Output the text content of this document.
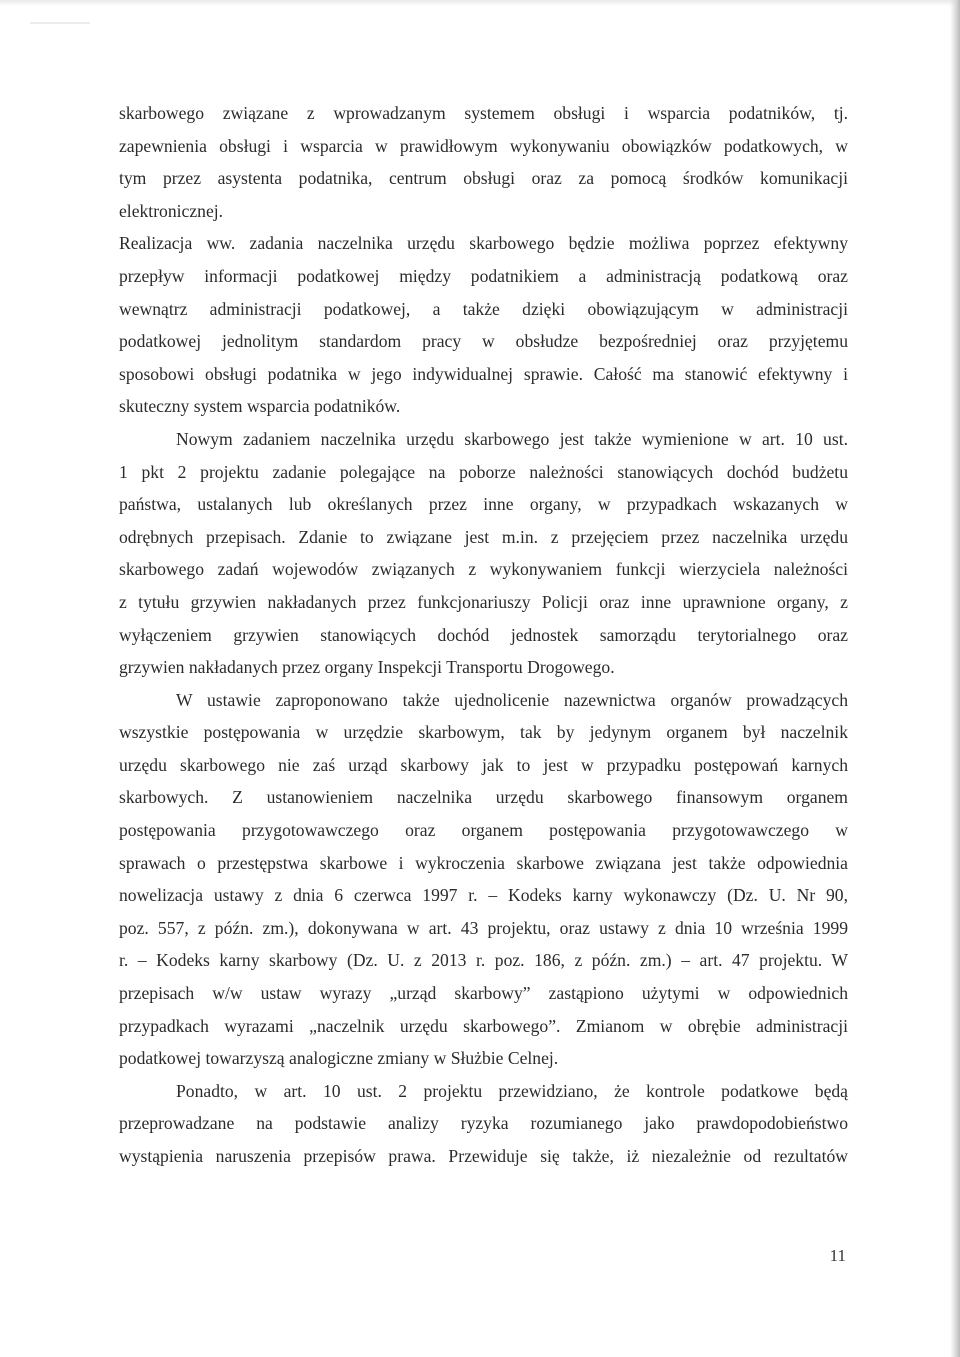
skarbowego związane z wprowadzanym systemem obsługi i wsparcia podatników, tj.
zapewnienia obsługi i wsparcia w prawidłowym wykonywaniu obowiązków podatkowych, w
tym przez asystenta podatnika, centrum obsługi oraz za pomocą środków komunikacji
elektronicznej.
Realizacja ww. zadania naczelnika urzędu skarbowego będzie możliwa poprzez efektywny
przepływ informacji podatkowej między podatnikiem a administracją podatkową oraz
wewnątrz administracji podatkowej, a także dzięki obowiązującym w administracji
podatkowej jednolitym standardom pracy w obsłudze bezpośredniej oraz przyjętemu
sposobowi obsługi podatnika w jego indywidualnej sprawie. Całość ma stanowić efektywny i
skuteczny system wsparcia podatników.
Nowym zadaniem naczelnika urzędu skarbowego jest także wymienione w art. 10 ust.
1 pkt 2 projektu zadanie polegające na poborze należności stanowiących dochód budżetu
państwa, ustalanych lub określanych przez inne organy, w przypadkach wskazanych w
odrębnych przepisach. Zdanie to związane jest m.in. z przejęciem przez naczelnika urzędu
skarbowego zadań wojewodów związanych z wykonywaniem funkcji wierzyciela należności
z tytułu grzywien nakładanych przez funkcjonariuszy Policji oraz inne uprawnione organy, z
wyłączeniem grzywien stanowiących dochód jednostek samorządu terytorialnego oraz
grzywien nakładanych przez organy Inspekcji Transportu Drogowego.
W ustawie zaproponowano także ujednolicenie nazewnictwa organów prowadzących
wszystkie postępowania w urzędzie skarbowym, tak by jedynym organem był naczelnik
urzędu skarbowego nie zaś urząd skarbowy jak to jest w przypadku postępowań karnych
skarbowych. Z ustanowieniem naczelnika urzędu skarbowego finansowym organem
postępowania przygotowawczego oraz organem postępowania przygotowawczego w
sprawach o przestępstwa skarbowe i wykroczenia skarbowe związana jest także odpowiednia
nowelizacja ustawy z dnia 6 czerwca 1997 r. – Kodeks karny wykonawczy (Dz. U. Nr 90,
poz. 557, z późn. zm.), dokonywana w art. 43 projektu, oraz ustawy z dnia 10 września 1999
r. – Kodeks karny skarbowy (Dz. U. z 2013 r. poz. 186, z późn. zm.) – art. 47 projektu. W
przepisach w/w ustaw wyrazy „urząd skarbowy” zastąpiono użytymi w odpowiednich
przypadkach wyrazami „naczelnik urzędu skarbowego”. Zmianom w obrębie administracji
podatkowej towarzyszą analogiczne zmiany w Służbie Celnej.
Ponadto, w art. 10 ust. 2 projektu przewidziano, że kontrole podatkowe będą
przeprowadzane na podstawie analizy ryzyka rozumianego jako prawdopodobieństwo
wystąpienia naruszenia przepisów prawa. Przewiduje się także, iż niezależnie od rezultatów
11
